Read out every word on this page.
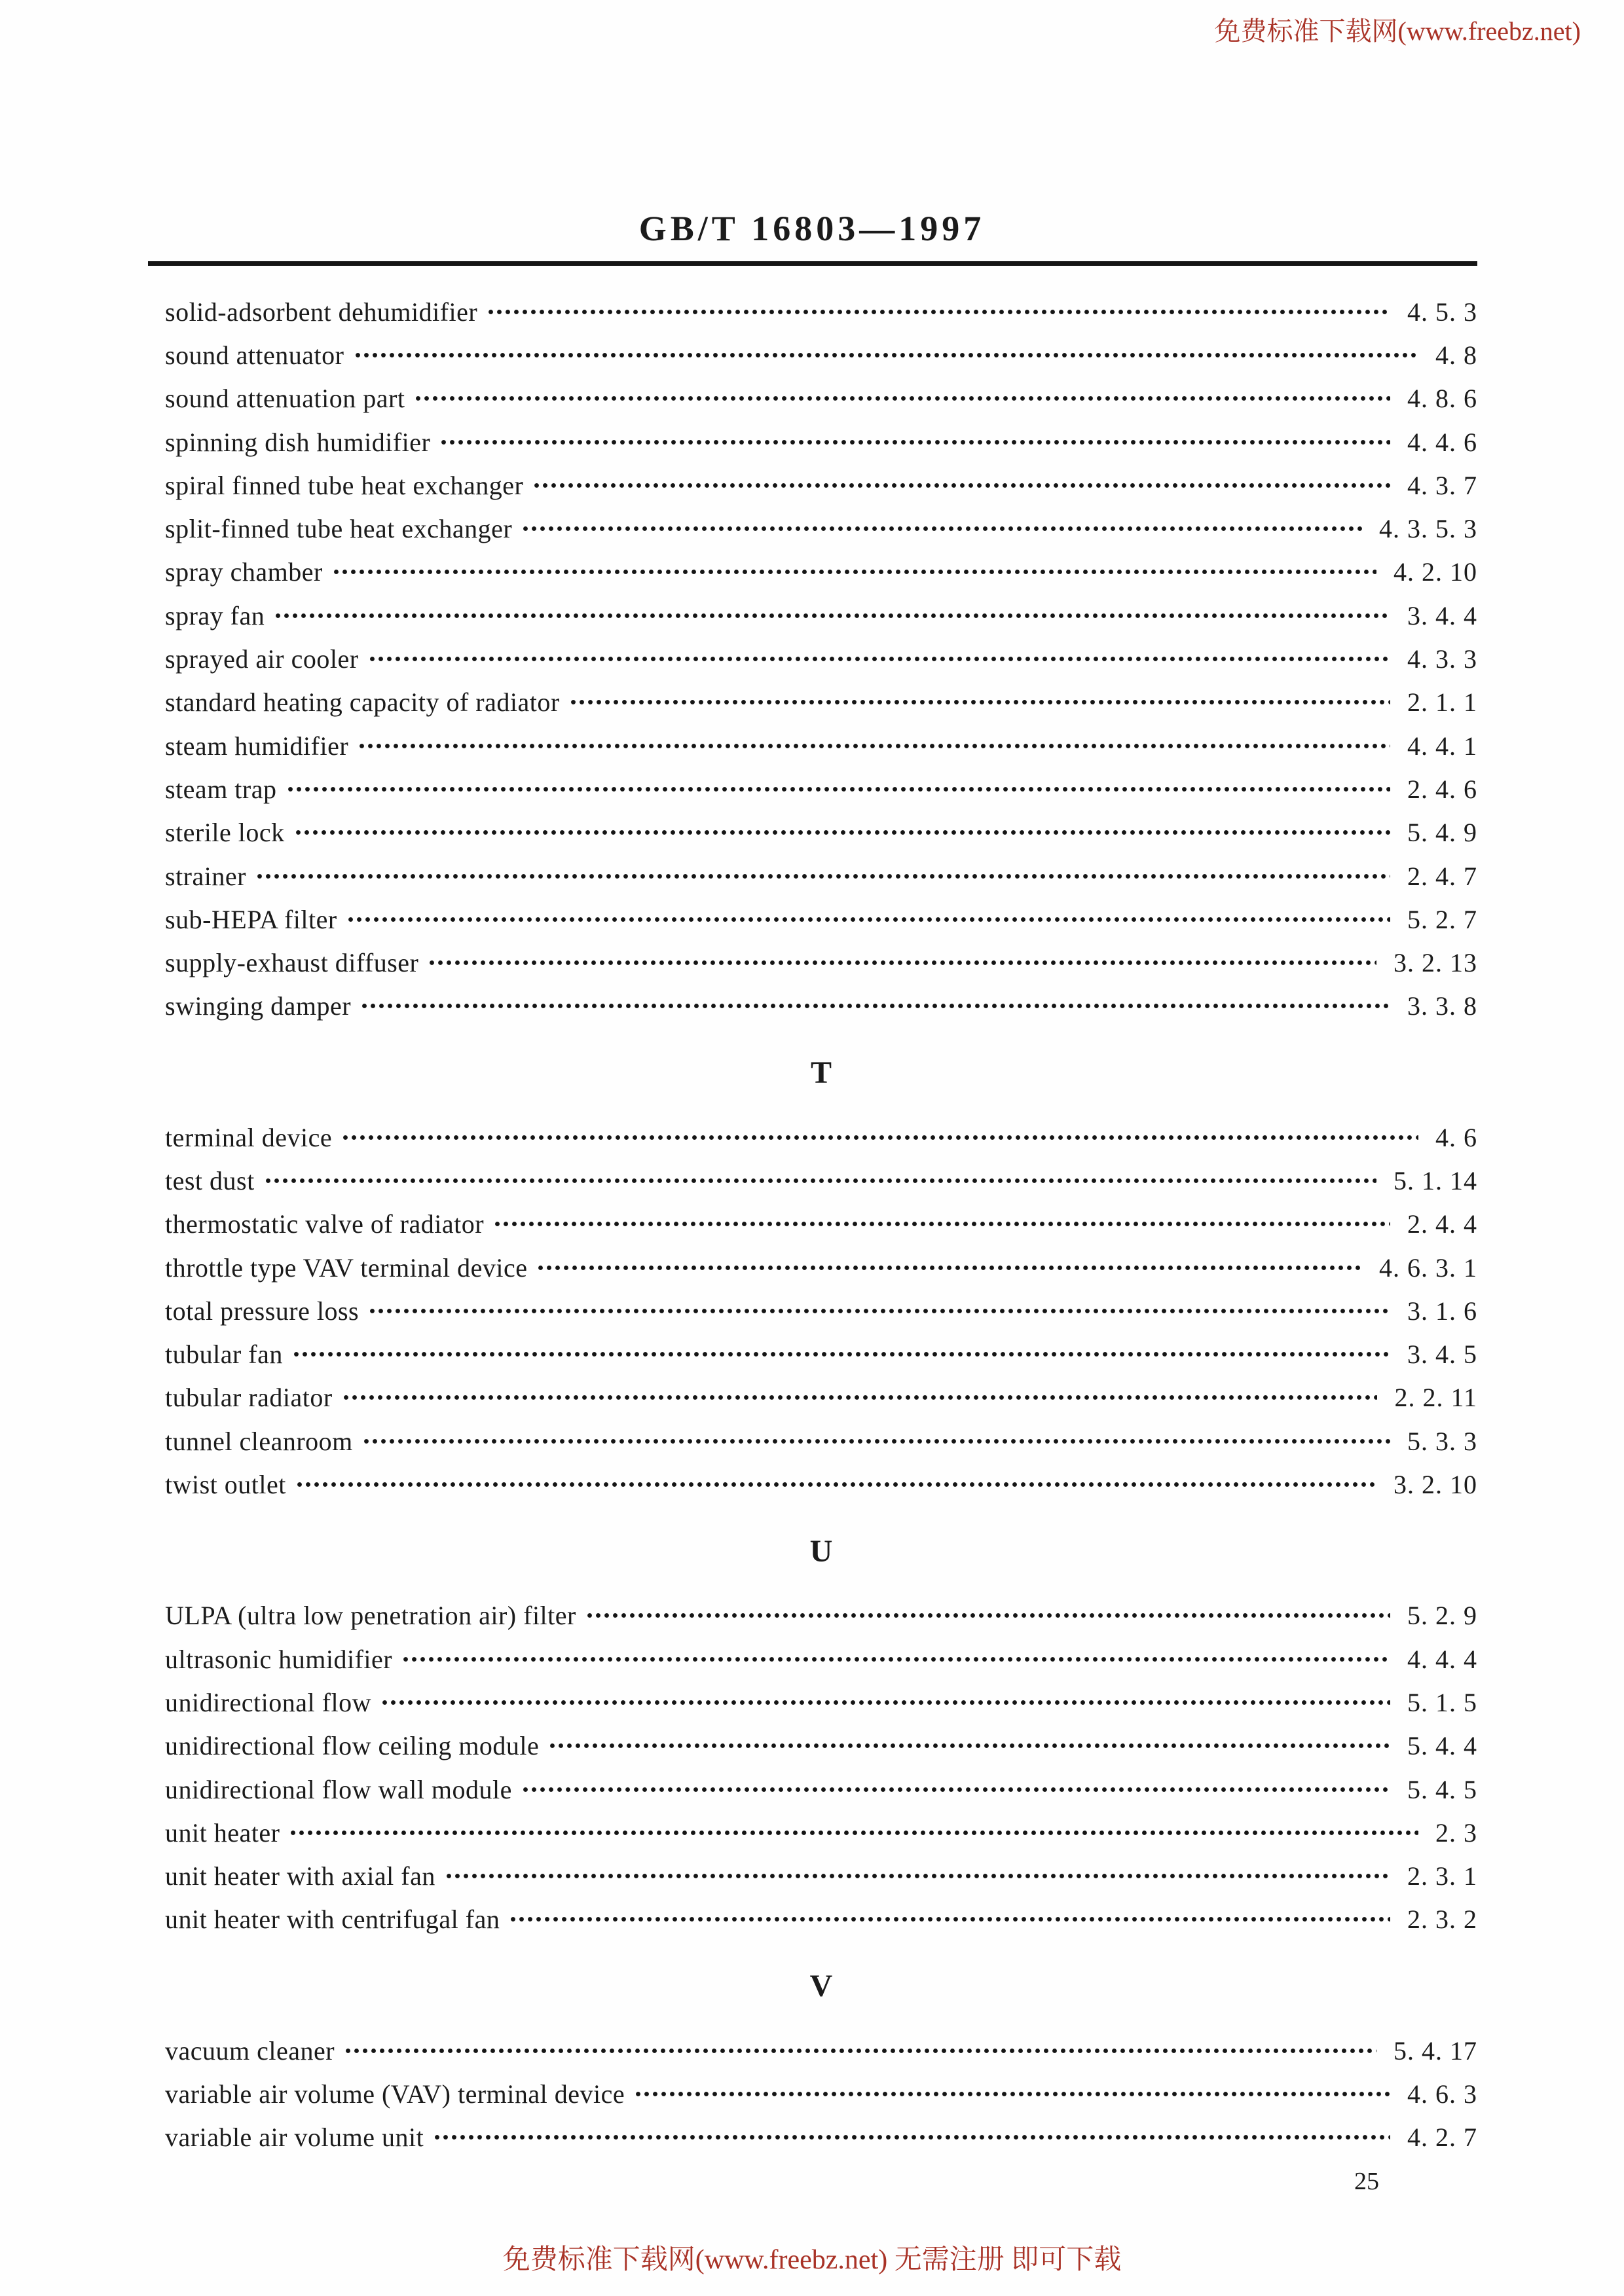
免费标准下载网(www.freebz.net)
GB/T 16803—1997
solid-adsorbent dehumidifier	4. 5. 3
sound attenuator	4. 8
sound attenuation part	4. 8. 6
spinning dish humidifier	4. 4. 6
spiral finned tube heat exchanger	4. 3. 7
split-finned tube heat exchanger	4. 3. 5. 3
spray chamber	4. 2. 10
spray fan	3. 4. 4
sprayed air cooler	4. 3. 3
standard heating capacity of radiator	2. 1. 1
steam humidifier	4. 4. 1
steam trap	2. 4. 6
sterile lock	5. 4. 9
strainer	2. 4. 7
sub-HEPA filter	5. 2. 7
supply-exhaust diffuser	3. 2. 13
swinging damper	3. 3. 8
T
terminal device	4. 6
test dust	5. 1. 14
thermostatic valve of radiator	2. 4. 4
throttle type VAV terminal device	4. 6. 3. 1
total pressure loss	3. 1. 6
tubular fan	3. 4. 5
tubular radiator	2. 2. 11
tunnel cleanroom	5. 3. 3
twist outlet	3. 2. 10
U
ULPA (ultra low penetration air) filter	5. 2. 9
ultrasonic humidifier	4. 4. 4
unidirectional flow	5. 1. 5
unidirectional flow ceiling module	5. 4. 4
unidirectional flow wall module	5. 4. 5
unit heater	2. 3
unit heater with axial fan	2. 3. 1
unit heater with centrifugal fan	2. 3. 2
V
vacuum cleaner	5. 4. 17
variable air volume (VAV) terminal device	4. 6. 3
variable air volume unit	4. 2. 7
25
免费标准下载网(www.freebz.net) 无需注册 即可下载
